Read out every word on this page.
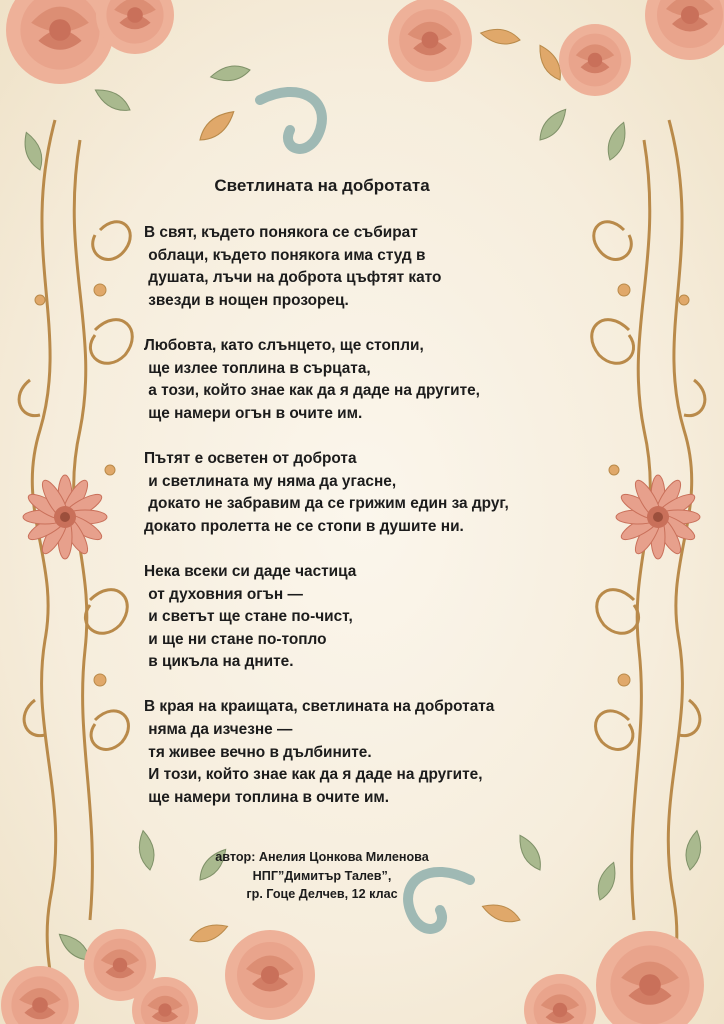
Светлината на добротата
В свят, където понякога се събират
облаци, където понякога има студ в
душата, лъчи на доброта цъфтят като
звезди в нощен прозорец.
Любовта, като слънцето, ще стопли,
ще излее топлина в сърцата,
а този, който знае как да я даде на другите,
ще намери огън в очите им.
Пътят е осветен от доброта
и светлината му няма да угасне,
докато не забравим да се грижим един за друг,
докато пролетта не се стопи в душите ни.
Нека всеки си даде частица
от духовния огън —
и светът ще стане по-чист,
и ще ни стане по-топло
в цикъла на дните.
В края на краищата, светлината на добротата
няма да изчезне —
тя живее вечно в дълбините.
И този, който знае как да я даде на другите,
ще намери топлина в очите им.
автор: Анелия Цонкова Миленова
НПГ”Димитър Талев”,
гр. Гоце Делчев, 12 клас
